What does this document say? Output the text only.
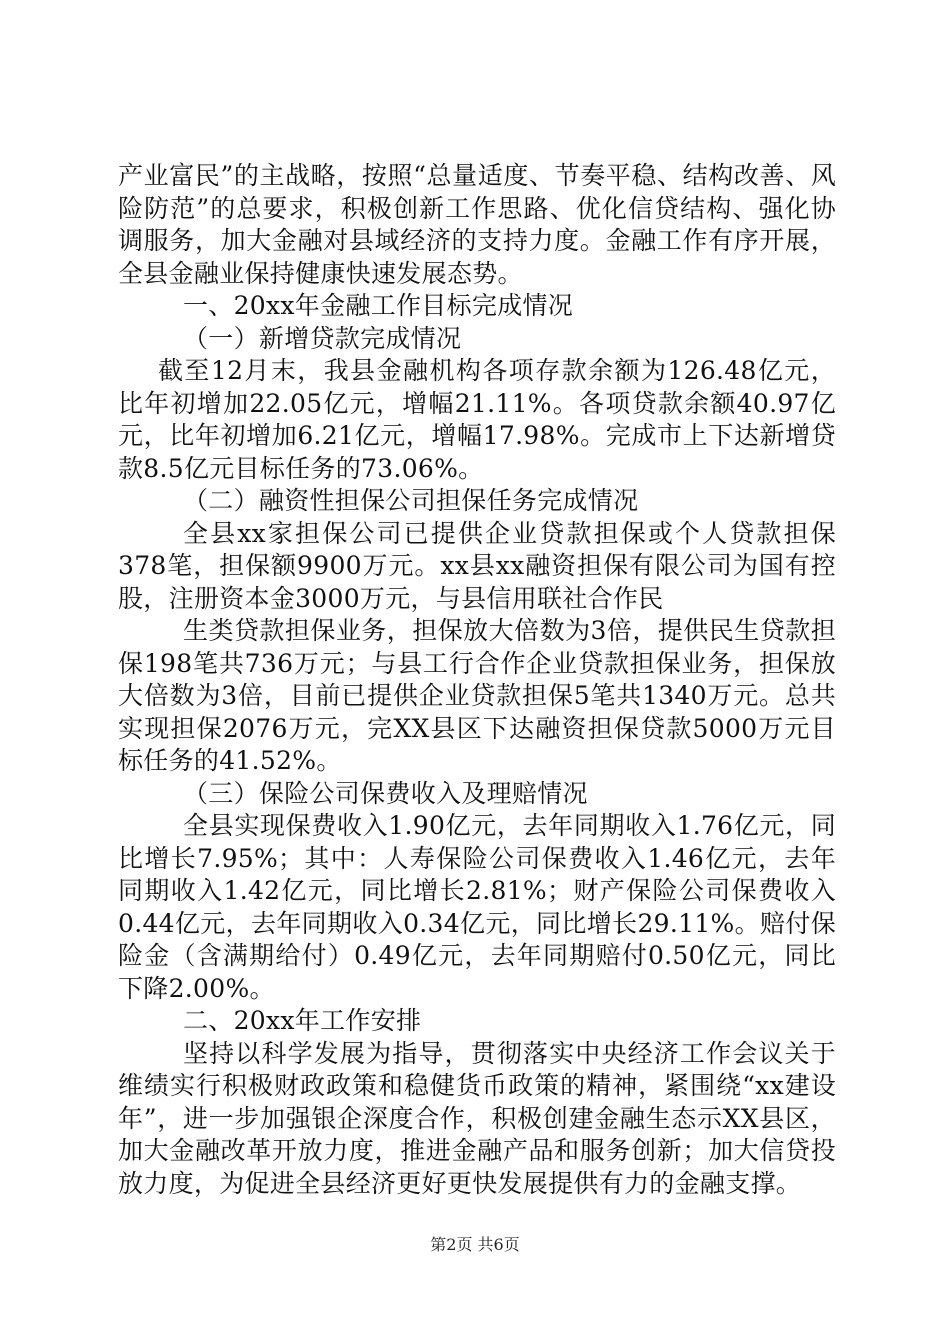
产业富民”的主战略，按照“总量适度、节奏平稳、结构改善、风险防范”的总要求，积极创新工作思路、优化信贷结构、强化协调服务，加大金融对县域经济的支持力度。金融工作有序开展，全县金融业保持健康快速发展态势。

一、20xx年金融工作目标完成情况

（一）新增贷款完成情况

截至12月末，我县金融机构各项存款余额为126.48亿元，比年初增加22.05亿元，增幅21.11%。各项贷款余额40.97亿元，比年初增加6.21亿元，增幅17.98%。完成市上下达新增贷款8.5亿元目标任务的73.06%。

（二）融资性担保公司担保任务完成情况

全县xx家担保公司已提供企业贷款担保或个人贷款担保378笔，担保额9900万元。xx县xx融资担保有限公司为国有控股，注册资本金3000万元，与县信用联社合作民

生类贷款担保业务，担保放大倍数为3倍，提供民生贷款担保198笔共736万元；与县工行合作企业贷款担保业务，担保放大倍数为3倍，目前已提供企业贷款担保5笔共1340万元。总共实现担保2076万元，完XX县区下达融资担保贷款5000万元目标任务的41.52%。

（三）保险公司保费收入及理赔情况

全县实现保费收入1.90亿元，去年同期收入1.76亿元，同比增长7.95%；其中：人寿保险公司保费收入1.46亿元，去年同期收入1.42亿元，同比增长2.81%；财产保险公司保费收入0.44亿元，去年同期收入0.34亿元，同比增长29.11%。赔付保险金（含满期给付）0.49亿元，去年同期赔付0.50亿元，同比下降2.00%。

二、20xx年工作安排

坚持以科学发展为指导，贯彻落实中央经济工作会议关于维绩实行积极财政政策和稳健货币政策的精神，紧围绕“xx建设年”，进一步加强银企深度合作，积极创建金融生态示XX县区，加大金融改革开放力度，推进金融产品和服务创新；加大信贷投放力度，为促进全县经济更好更快发展提供有力的金融支撑。

第2页 共6页
